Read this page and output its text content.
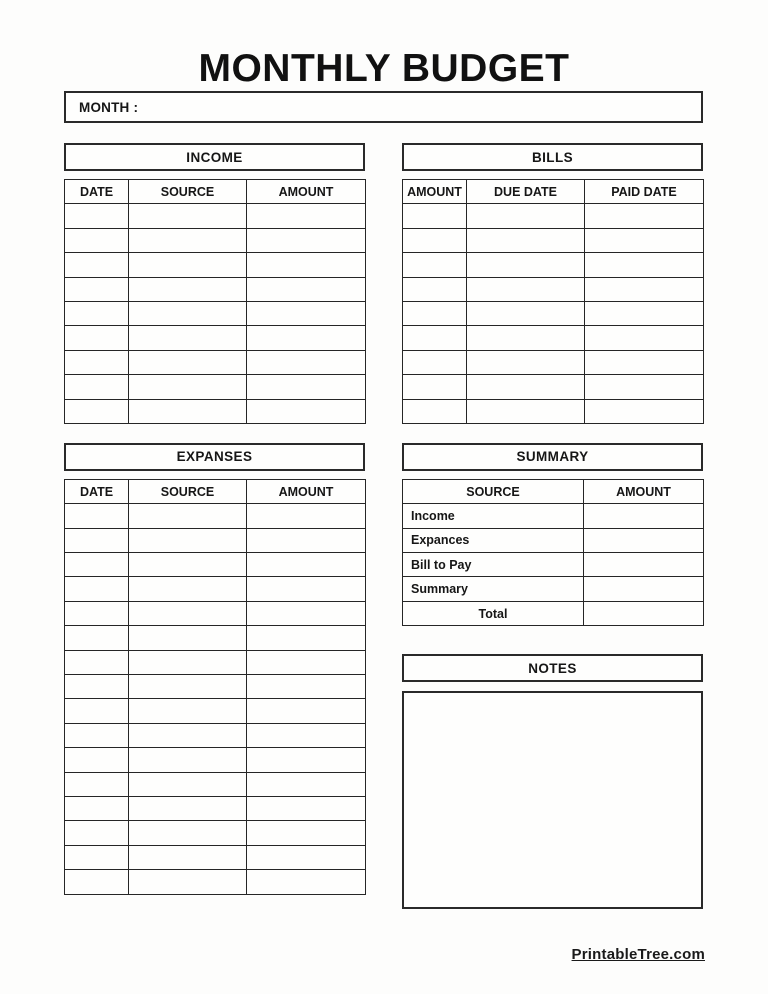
MONTHLY BUDGET
MONTH :
INCOME
DATE	SOURCE	AMOUNT

EXPANSES
DATE	SOURCE	AMOUNT

BILLS
AMOUNT	DUE DATE	PAID DATE

SUMMARY
SOURCE	AMOUNT
Income	
Expances	
Bill to Pay	
Summary	
Total	
NOTES
PrintableTree.com
